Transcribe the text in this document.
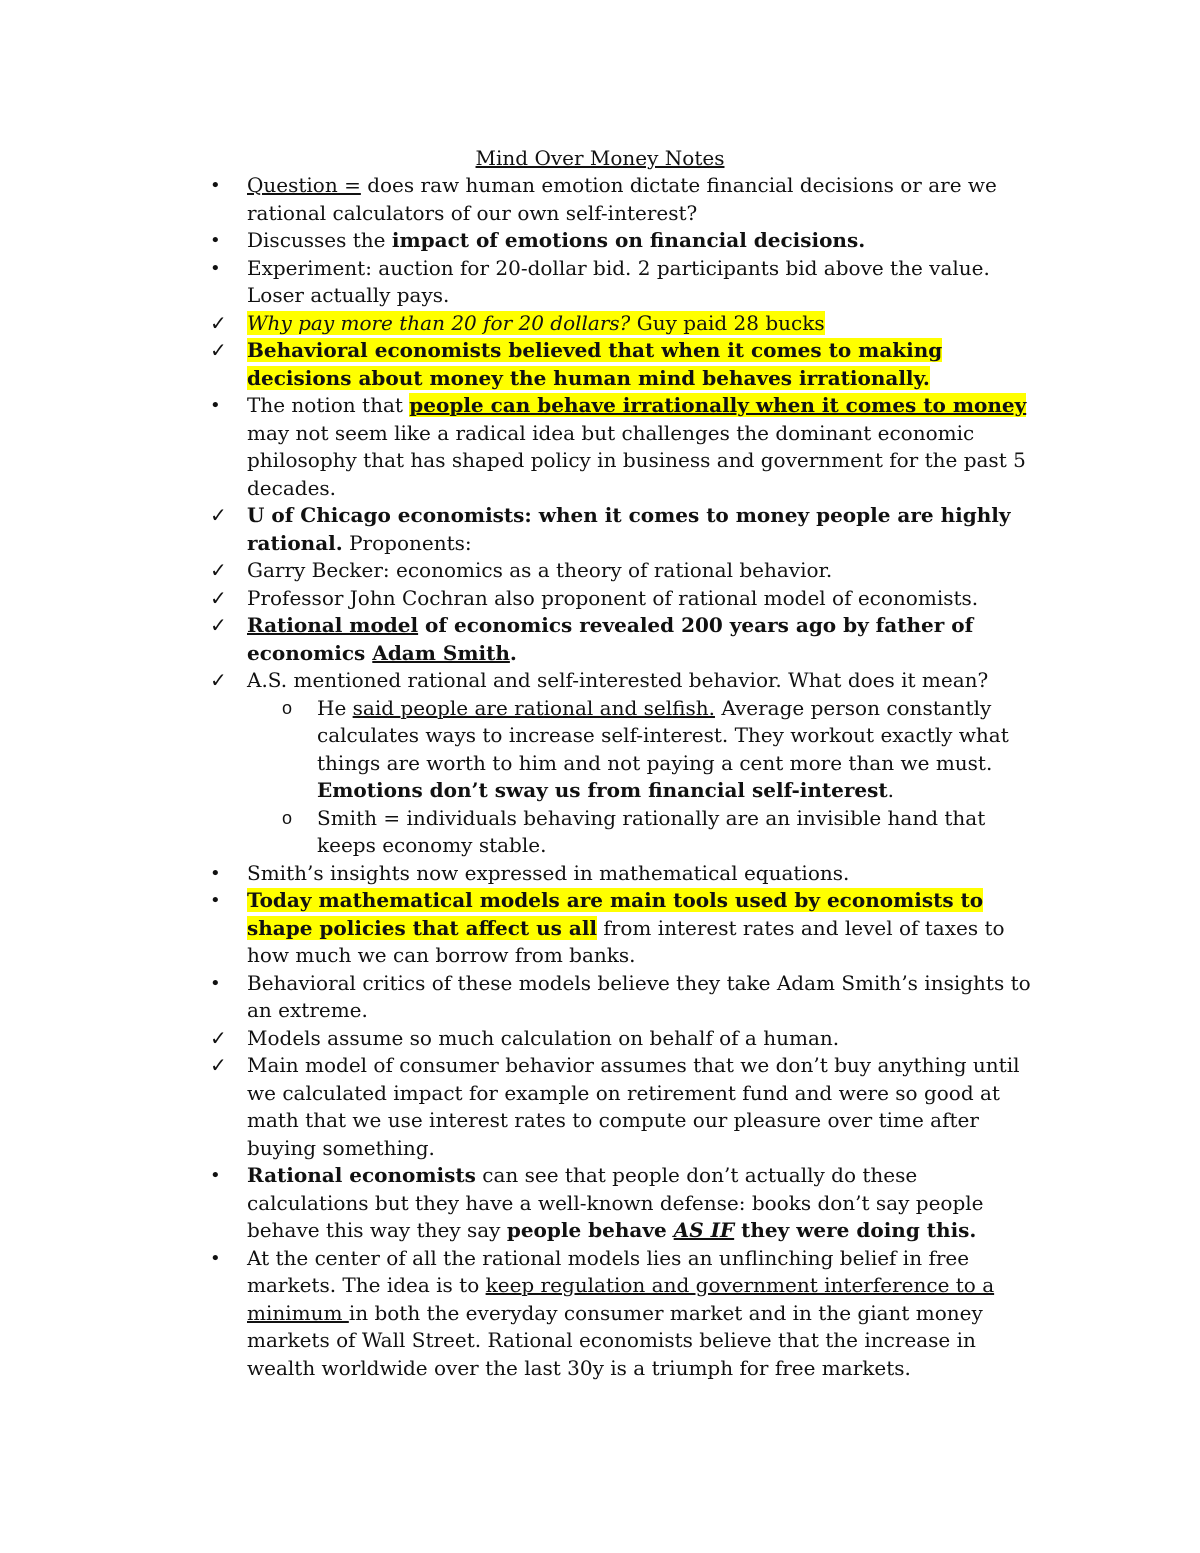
Mind Over Money Notes
•	Question = does raw human emotion dictate financial decisions or are we rational calculators of our own self-interest?
•	Discusses the impact of emotions on financial decisions.
•	Experiment: auction for 20-dollar bid. 2 participants bid above the value. Loser actually pays.
✓	Why pay more than 20 for 20 dollars? Guy paid 28 bucks
✓	Behavioral economists believed that when it comes to making decisions about money the human mind behaves irrationally.
•	The notion that people can behave irrationally when it comes to money may not seem like a radical idea but challenges the dominant economic philosophy that has shaped policy in business and government for the past 5 decades.
✓	U of Chicago economists: when it comes to money people are highly rational. Proponents:
✓	Garry Becker: economics as a theory of rational behavior.
✓	Professor John Cochran also proponent of rational model of economists.
✓	Rational model of economics revealed 200 years ago by father of economics Adam Smith.
✓	A.S. mentioned rational and self-interested behavior. What does it mean?
o	He said people are rational and selfish. Average person constantly calculates ways to increase self-interest. They workout exactly what things are worth to him and not paying a cent more than we must. Emotions don’t sway us from financial self-interest.
o	Smith = individuals behaving rationally are an invisible hand that keeps economy stable.
•	Smith’s insights now expressed in mathematical equations.
•	Today mathematical models are main tools used by economists to shape policies that affect us all from interest rates and level of taxes to how much we can borrow from banks.
•	Behavioral critics of these models believe they take Adam Smith’s insights to an extreme.
✓	Models assume so much calculation on behalf of a human.
✓	Main model of consumer behavior assumes that we don’t buy anything until we calculated impact for example on retirement fund and were so good at math that we use interest rates to compute our pleasure over time after buying something.
•	Rational economists can see that people don’t actually do these calculations but they have a well-known defense: books don’t say people behave this way they say people behave AS IF they were doing this.
•	At the center of all the rational models lies an unflinching belief in free markets. The idea is to keep regulation and government interference to a minimum in both the everyday consumer market and in the giant money markets of Wall Street. Rational economists believe that the increase in wealth worldwide over the last 30y is a triumph for free markets.
